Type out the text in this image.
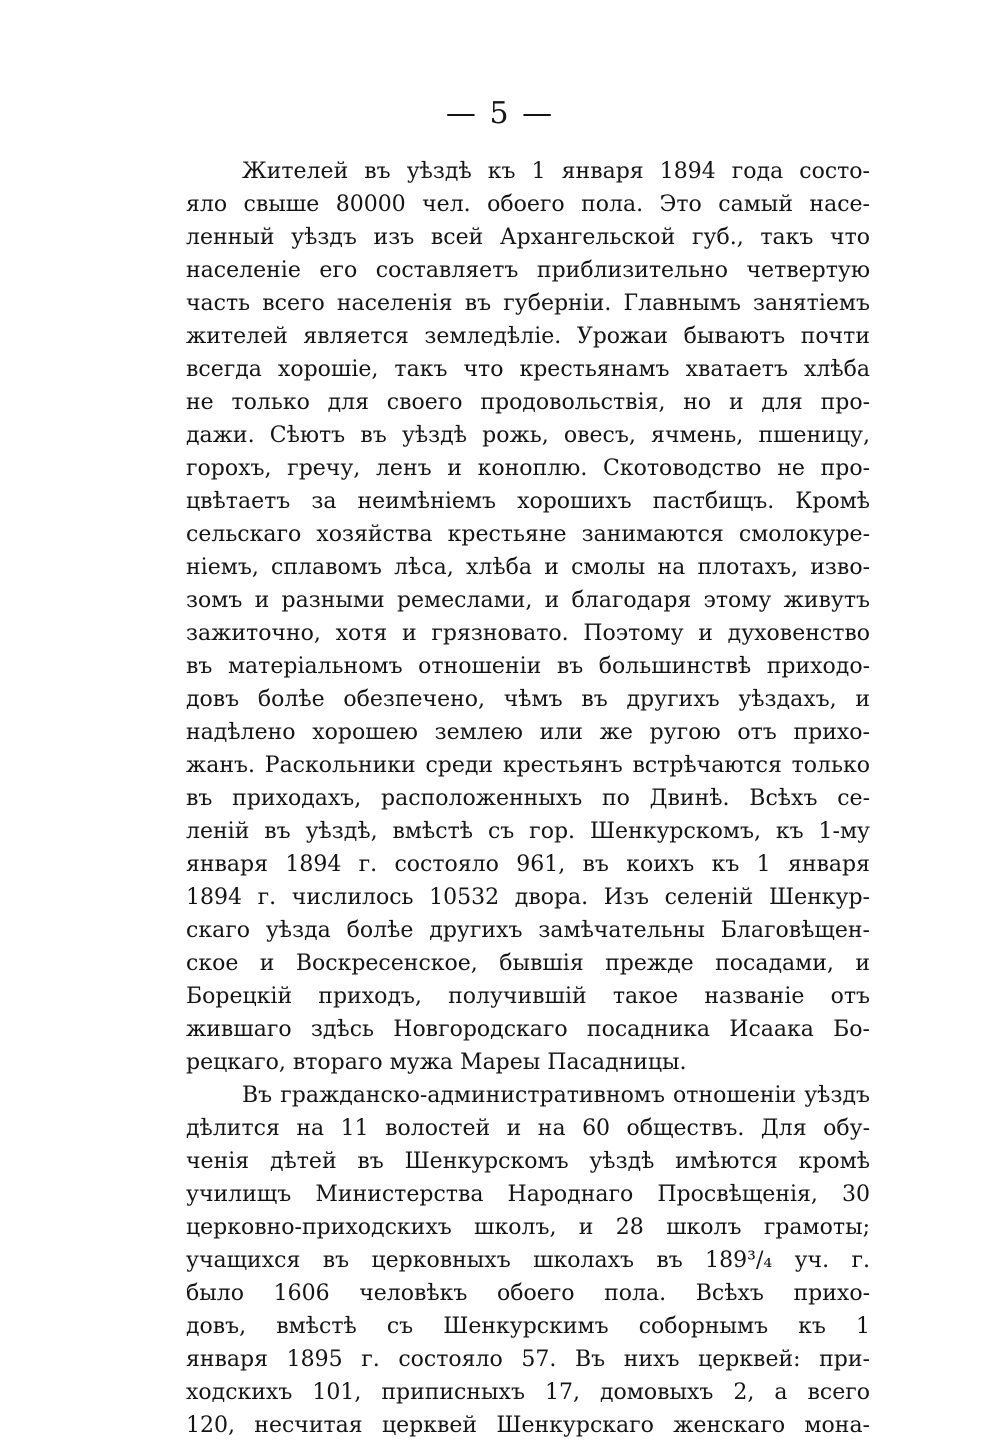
— 5 —
Жителей въ уѣздѣ къ 1 января 1894 года состо-
яло свыше 80000 чел. обоего пола. Это самый насе-
ленный уѣздъ изъ всей Архангельской губ., такъ что
населеніе его составляетъ приблизительно четвертую
часть всего населенія въ губерніи. Главнымъ занятіемъ
жителей является земледѣліе. Урожаи бываютъ почти
всегда хорошіе, такъ что крестьянамъ хватаетъ хлѣба
не только для своего продовольствія, но и для про-
дажи. Сѣютъ въ уѣздѣ рожь, овесъ, ячмень, пшеницу,
горохъ, гречу, ленъ и коноплю. Скотоводство не про-
цвѣтаетъ за неимѣніемъ хорошихъ пастбищъ. Кромѣ
сельскаго хозяйства крестьяне занимаются смолокуре-
ніемъ, сплавомъ лѣса, хлѣба и смолы на плотахъ, изво-
зомъ и разными ремеслами, и благодаря этому живутъ
зажиточно, хотя и грязновато. Поэтому и духовенство
въ матеріальномъ отношеніи въ большинствѣ приходо-
довъ болѣе обезпечено, чѣмъ въ другихъ уѣздахъ, и
надѣлено хорошею землею или же ругою отъ прихо-
жанъ. Раскольники среди крестьянъ встрѣчаются только
въ приходахъ, расположенныхъ по Двинѣ. Всѣхъ се-
леній въ уѣздѣ, вмѣстѣ съ гор. Шенкурскомъ, къ 1-му
января 1894 г. состояло 961, въ коихъ къ 1 января
1894 г. числилось 10532 двора. Изъ селеній Шенкур-
скаго уѣзда болѣе другихъ замѣчательны Благовѣщен-
ское и Воскресенское, бывшія прежде посадами, и
Борецкій приходъ, получившій такое названіе отъ
жившаго здѣсь Новгородскаго посадника Исаака Бо-
рецкаго, втораго мужа Мареы Пасадницы.
Въ гражданско-административномъ отношеніи уѣздъ
дѣлится на 11 волостей и на 60 обществъ. Для обу-
ченія дѣтей въ Шенкурскомъ уѣздѣ имѣются кромѣ
училищъ Министерства Народнаго Просвѣщенія, 30
церковно-приходскихъ школъ, и 28 школъ грамоты;
учащихся въ церковныхъ школахъ въ 189³/₄ уч. г.
было 1606 человѣкъ обоего пола. Всѣхъ прихо-
довъ, вмѣстѣ съ Шенкурскимъ соборнымъ къ 1
января 1895 г. состояло 57. Въ нихъ церквей: при-
ходскихъ 101, приписныхъ 17, домовыхъ 2, а всего
120, несчитая церквей Шенкурскаго женскаго мона-
